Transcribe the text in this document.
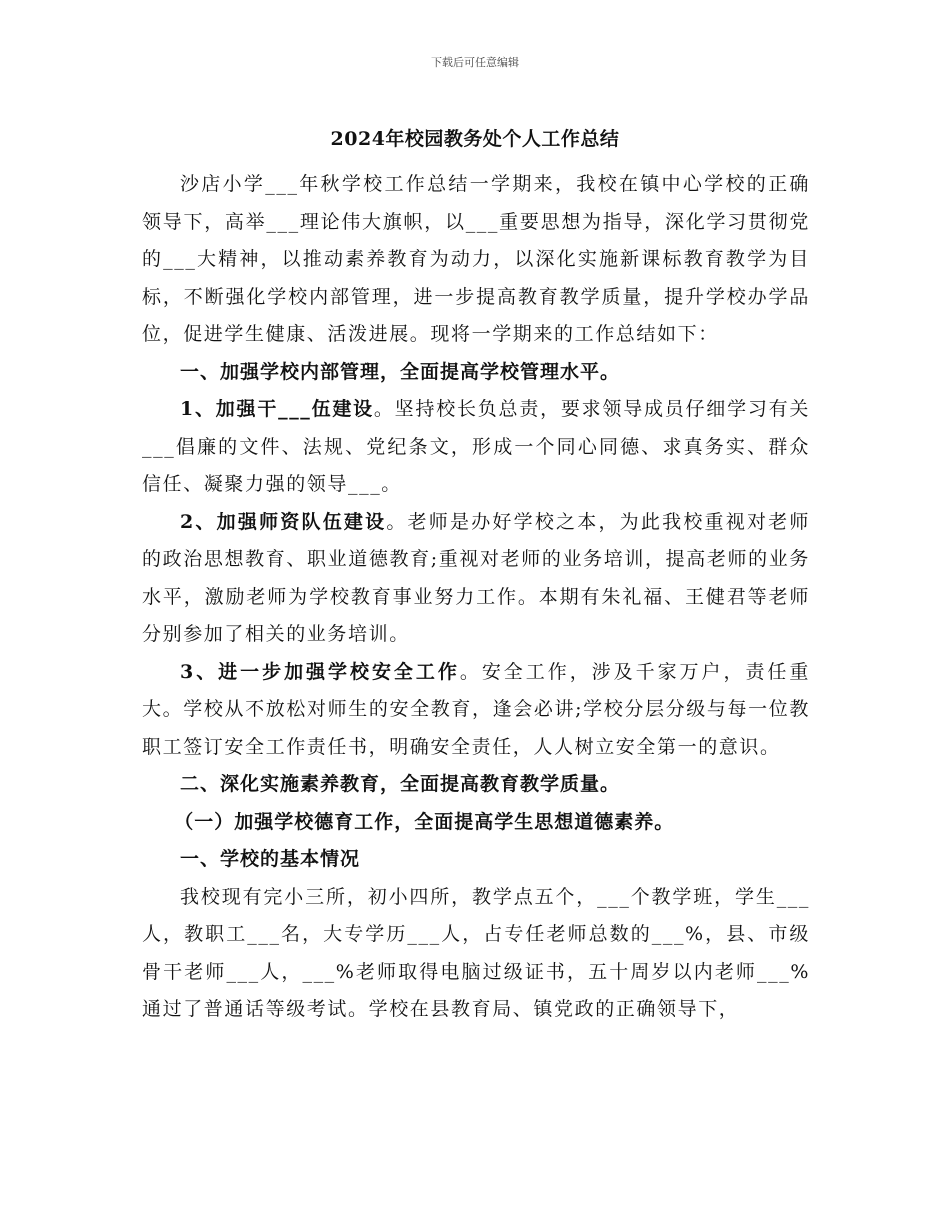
下载后可任意编辑
2024年校园教务处个人工作总结

沙店小学___年秋学校工作总结一学期来，我校在镇中心学校的正确领导下，高举___理论伟大旗帜，以___重要思想为指导，深化学习贯彻党的___大精神，以推动素养教育为动力，以深化实施新课标教育教学为目标，不断强化学校内部管理，进一步提高教育教学质量，提升学校办学品位，促进学生健康、活泼进展。现将一学期来的工作总结如下：

一、加强学校内部管理，全面提高学校管理水平。

1、加强干___伍建设。坚持校长负总责，要求领导成员仔细学习有关___倡廉的文件、法规、党纪条文，形成一个同心同德、求真务实、群众信任、凝聚力强的领导___。

2、加强师资队伍建设。老师是办好学校之本，为此我校重视对老师的政治思想教育、职业道德教育;重视对老师的业务培训，提高老师的业务水平，激励老师为学校教育事业努力工作。本期有朱礼福、王健君等老师分别参加了相关的业务培训。

3、进一步加强学校安全工作。安全工作，涉及千家万户，责任重大。学校从不放松对师生的安全教育，逢会必讲;学校分层分级与每一位教职工签订安全工作责任书，明确安全责任，人人树立安全第一的意识。

二、深化实施素养教育，全面提高教育教学质量。

（一）加强学校德育工作，全面提高学生思想道德素养。

一、学校的基本情况

我校现有完小三所，初小四所，教学点五个，___个教学班，学生___人，教职工___名，大专学历___人，占专任老师总数的___%，县、市级骨干老师___人，___%老师取得电脑过级证书，五十周岁以内老师___%通过了普通话等级考试。学校在县教育局、镇党政的正确领导下，
